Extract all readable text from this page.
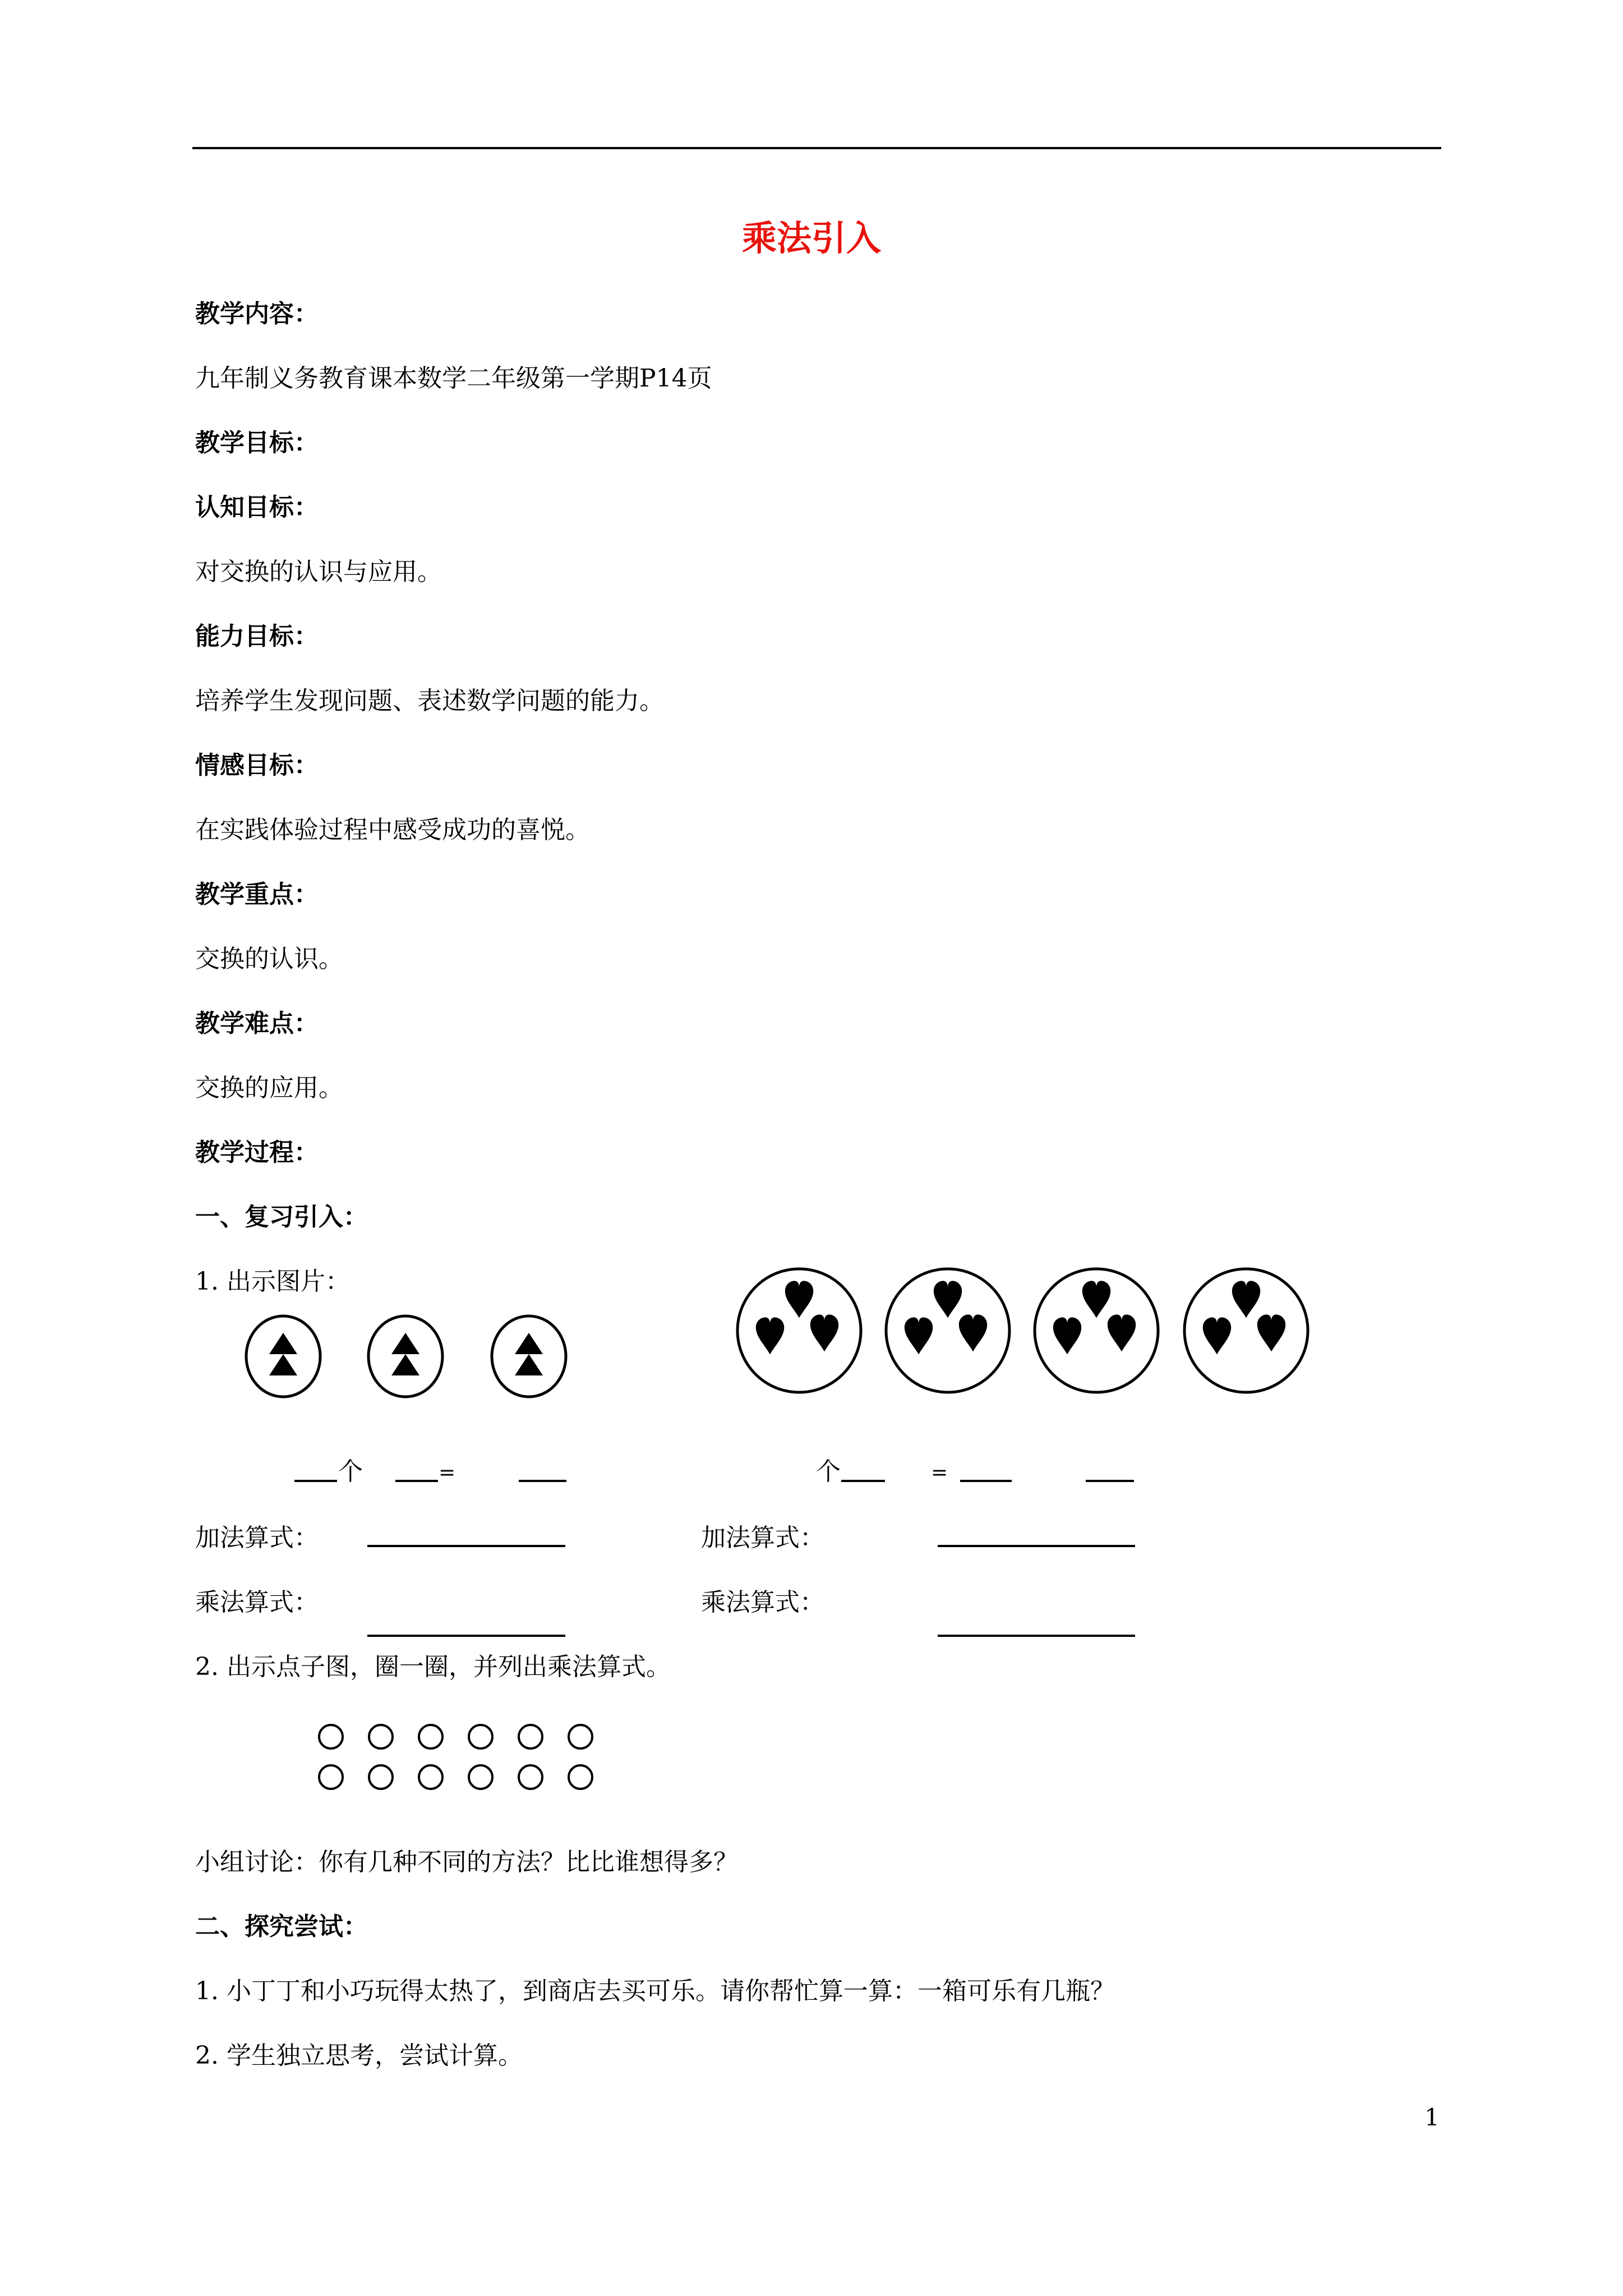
乘法引入
教学内容：
九年制义务教育课本数学二年级第一学期P14页
教学目标：
认知目标：
对交换的认识与应用。
能力目标：
培养学生发现问题、表述数学问题的能力。
情感目标：
在实践体验过程中感受成功的喜悦。
教学重点：
交换的认识。
教学难点：
交换的应用。
教学过程：
一、复习引入：
1. 出示图片：
个	=	个	=
加法算式：	加法算式：
乘法算式：	乘法算式：
2. 出示点子图，圈一圈，并列出乘法算式。
小组讨论：你有几种不同的方法？比比谁想得多？
二、探究尝试：
1. 小丁丁和小巧玩得太热了，到商店去买可乐。请你帮忙算一算：一箱可乐有几瓶？
2. 学生独立思考，尝试计算。
1
